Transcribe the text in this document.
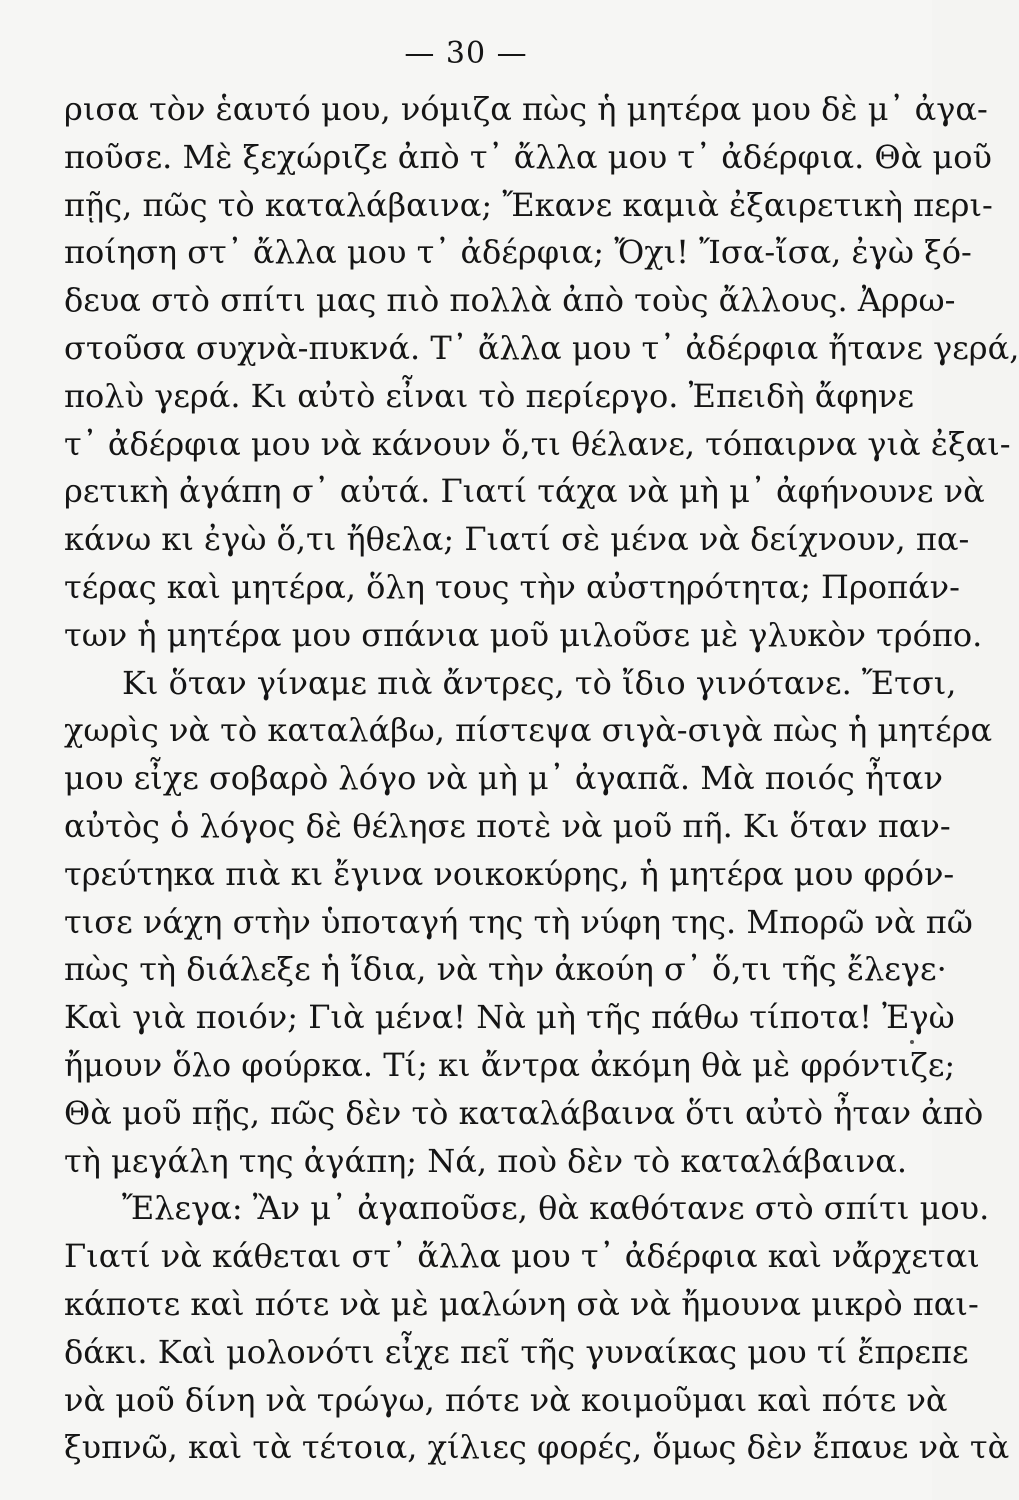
— 30 —
ρισα τὸν ἑαυτό μου, νόμιζα πὼς ἡ μητέρα μου δὲ μ᾿ ἀγα-
ποῦσε. Μὲ ξεχώριζε ἀπὸ τ᾿ ἄλλα μου τ᾿ ἀδέρφια. Θὰ μοῦ
πῇς, πῶς τὸ καταλάβαινα; Ἔκανε καμιὰ ἐξαιρετικὴ περι-
ποίηση στ᾿ ἄλλα μου τ᾿ ἀδέρφια; Ὄχι! Ἴσα-ἴσα, ἐγὼ ξό-
δευα στὸ σπίτι μας πιὸ πολλὰ ἀπὸ τοὺς ἄλλους. Ἀρρω-
στοῦσα συχνὰ-πυκνά. Τ᾿ ἄλλα μου τ᾿ ἀδέρφια ἤτανε γερά,
πολὺ γερά. Κι αὐτὸ εἶναι τὸ περίεργο. Ἐπειδὴ ἄφηνε
τ᾿ ἀδέρφια μου νὰ κάνουν ὅ,τι θέλανε, τόπαιρνα γιὰ ἐξαι-
ρετικὴ ἀγάπη σ᾿ αὐτά. Γιατί τάχα νὰ μὴ μ᾿ ἀφήνουνε νὰ
κάνω κι ἐγὼ ὅ,τι ἤθελα; Γιατί σὲ μένα νὰ δείχνουν, πα-
τέρας καὶ μητέρα, ὅλη τους τὴν αὐστηρότητα; Προπάν-
των ἡ μητέρα μου σπάνια μοῦ μιλοῦσε μὲ γλυκὸν τρόπο.
Κι ὅταν γίναμε πιὰ ἄντρες, τὸ ἴδιο γινότανε. Ἔτσι,
χωρὶς νὰ τὸ καταλάβω, πίστεψα σιγὰ-σιγὰ πὼς ἡ μητέρα
μου εἶχε σοβαρὸ λόγο νὰ μὴ μ᾿ ἀγαπᾶ. Μὰ ποιός ἦταν
αὐτὸς ὁ λόγος δὲ θέλησε ποτὲ νὰ μοῦ πῆ. Κι ὅταν παν-
τρεύτηκα πιὰ κι ἔγινα νοικοκύρης, ἡ μητέρα μου φρόν-
τισε νάχη στὴν ὑποταγή της τὴ νύφη της. Μπορῶ νὰ πῶ
πὼς τὴ διάλεξε ἡ ἴδια, νὰ τὴν ἀκούη σ᾿ ὅ,τι τῆς ἔλεγε·
Καὶ γιὰ ποιόν; Γιὰ μένα! Νὰ μὴ τῆς πάθω τίποτα! Ἐγὼ
ἤμουν ὅλο φούρκα. Τί; κι ἄντρα ἀκόμη θὰ μὲ φρόντιζε;
Θὰ μοῦ πῇς, πῶς δὲν τὸ καταλάβαινα ὅτι αὐτὸ ἦταν ἀπὸ
τὴ μεγάλη της ἀγάπη; Νά, ποὺ δὲν τὸ καταλάβαινα.
Ἔλεγα: Ἂν μ᾿ ἀγαποῦσε, θὰ καθότανε στὸ σπίτι μου.
Γιατί νὰ κάθεται στ᾿ ἄλλα μου τ᾿ ἀδέρφια καὶ νἄρχεται
κάποτε καὶ πότε νὰ μὲ μαλώνη σὰ νὰ ἤμουνα μικρὸ παι-
δάκι. Καὶ μολονότι εἶχε πεῖ τῆς γυναίκας μου τί ἔπρεπε
νὰ μοῦ δίνη νὰ τρώγω, πότε νὰ κοιμοῦμαι καὶ πότε νὰ
ξυπνῶ, καὶ τὰ τέτοια, χίλιες φορές, ὅμως δὲν ἔπαυε νὰ τὰ
